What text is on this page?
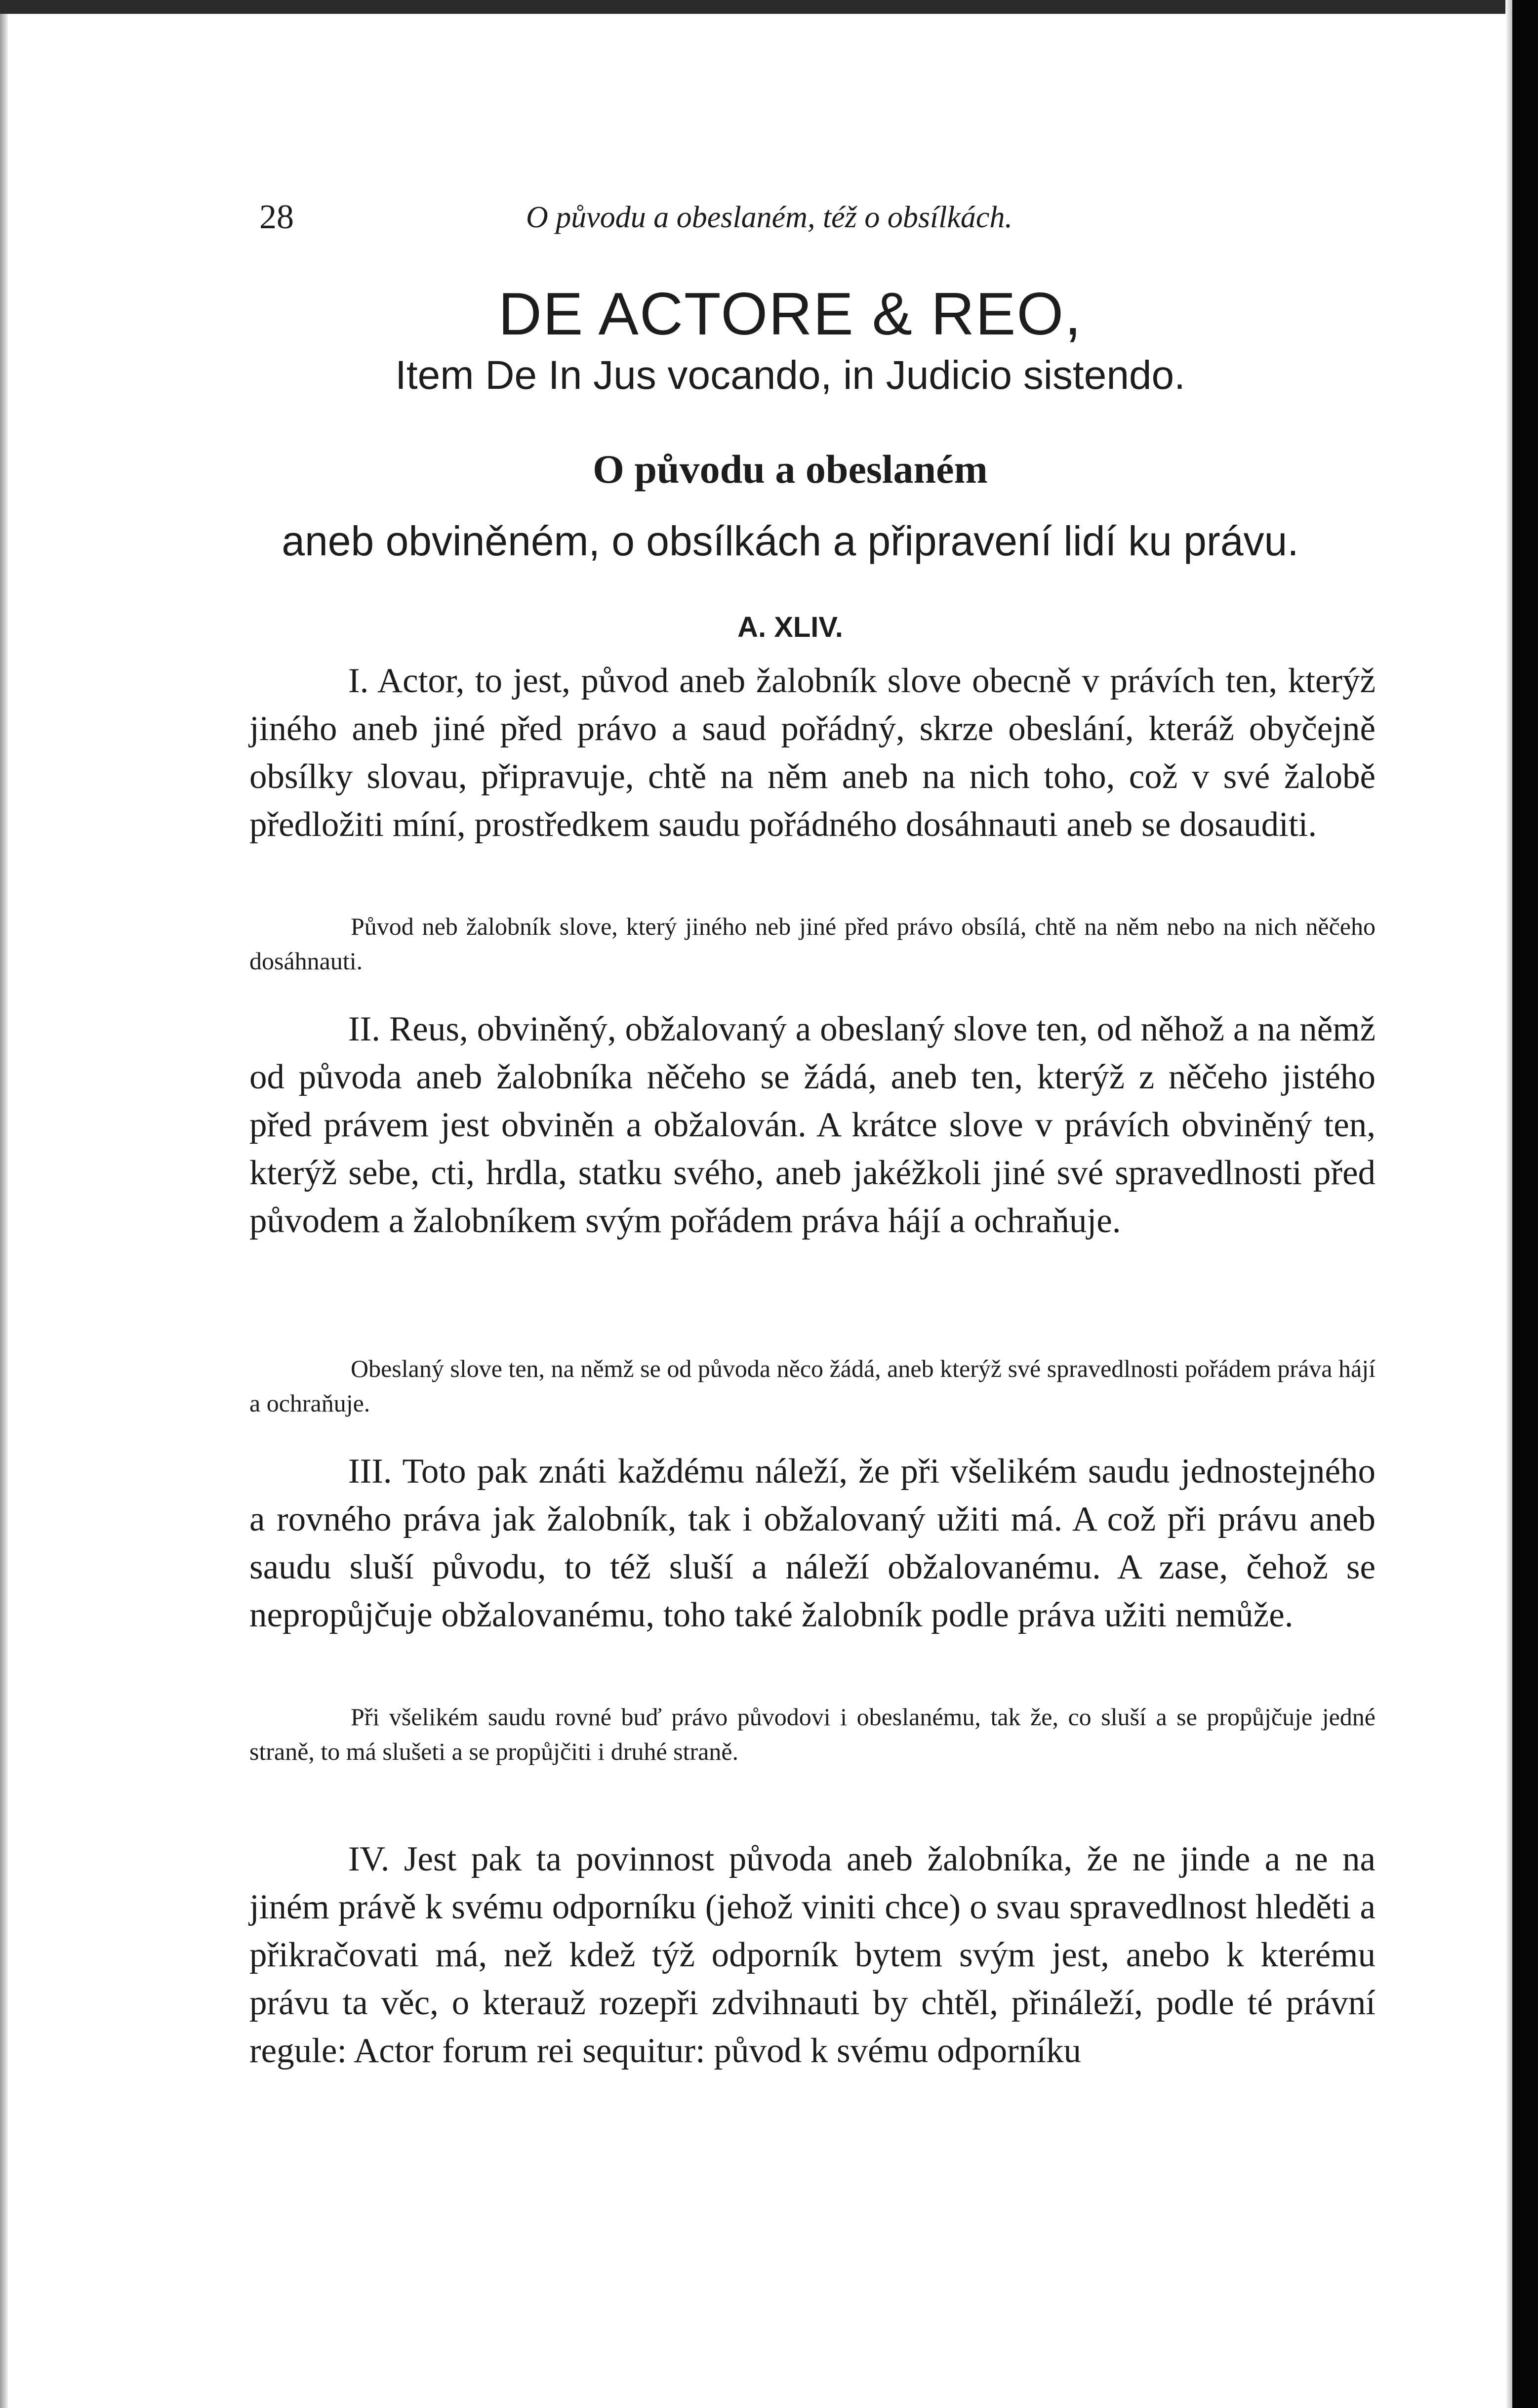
28	O původu a obeslaném, též o obsílkách.
DE ACTORE & REO,
Item De In Jus vocando, in Judicio sistendo.
O původu a obeslaném
aneb obviněném, o obsílkách a připravení lidí ku právu.
A. XLIV.

I. Actor, to jest, původ aneb žalobník slove obecně v právích ten, kterýž jiného aneb jiné před právo a saud pořádný, skrze obeslání, kteráž obyčejně obsílky slovau, připravuje, chtě na něm aneb na nich toho, což v své žalobě předložiti míní, prostředkem saudu pořádného dosáhnauti aneb se dosauditi.

Původ neb žalobník slove, který jiného neb jiné před právo obsílá, chtě na něm nebo na nich něčeho dosáhnauti.

II. Reus, obviněný, obžalovaný a obeslaný slove ten, od něhož a na němž od původa aneb žalobníka něčeho se žádá, aneb ten, kterýž z něčeho jistého před právem jest obviněn a obžalován. A krátce slove v právích obviněný ten, kterýž sebe, cti, hrdla, statku svého, aneb jakéžkoli jiné své spravedlnosti před původem a žalobníkem svým pořádem práva hájí a ochraňuje.

Obeslaný slove ten, na němž se od původa něco žádá, aneb kterýž své spravedlnosti pořádem práva hájí a ochraňuje.

III. Toto pak znáti každému náleží, že při všelikém saudu jednostejného a rovného práva jak žalobník, tak i obžalovaný užiti má. A což při právu aneb saudu sluší původu, to též sluší a náleží obžalovanému. A zase, čehož se nepropůjčuje obžalovanému, toho také žalobník podle práva užiti nemůže.

Při všelikém saudu rovné buď právo původovi i obeslanému, tak že, co sluší a se propůjčuje jedné straně, to má slušeti a se propůjčiti i druhé straně.

IV. Jest pak ta povinnost původa aneb žalobníka, že ne jinde a ne na jiném právě k svému odporníku (jehož viniti chce) o svau spravedlnost hleděti a přikračovati má, než kdež týž odporník bytem svým jest, anebo k kterému právu ta věc, o kterauž rozepři zdvihnauti by chtěl, přináleží, podle té právní regule: Actor forum rei sequitur: původ k svému odporníku
